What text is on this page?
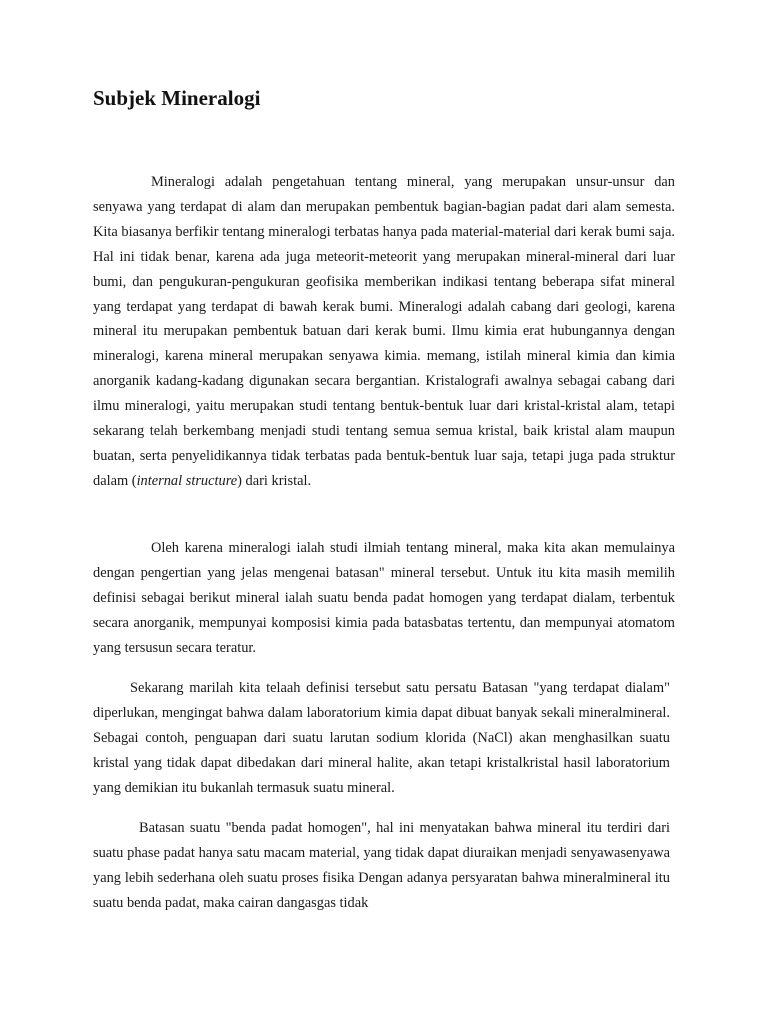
Subjek Mineralogi

Mineralogi adalah pengetahuan tentang mineral, yang merupakan unsur-unsur dan senyawa yang terdapat di alam dan merupakan pembentuk bagian-bagian padat dari alam semesta. Kita biasanya berfikir tentang mineralogi terbatas hanya pada material-material dari kerak bumi saja. Hal ini tidak benar, karena ada juga meteorit-meteorit yang merupakan mineral-mineral dari luar bumi, dan pengukuran-pengukuran geofisika memberikan indikasi tentang beberapa sifat mineral yang terdapat yang terdapat di bawah kerak bumi. Mineralogi adalah cabang dari geologi, karena mineral itu merupakan pembentuk batuan dari kerak bumi. Ilmu kimia erat hubungannya dengan mineralogi, karena mineral merupakan senyawa kimia. memang, istilah mineral kimia dan kimia anorganik kadang-kadang digunakan secara bergantian. Kristalografi awalnya sebagai cabang dari ilmu mineralogi, yaitu merupakan studi tentang bentuk-bentuk luar dari kristal-kristal alam, tetapi sekarang telah berkembang menjadi studi tentang semua semua kristal, baik kristal alam maupun buatan, serta penyelidikannya tidak terbatas pada bentuk-bentuk luar saja, tetapi juga pada struktur dalam (internal structure) dari kristal.

Oleh karena mineralogi ialah studi ilmiah tentang mineral, maka kita akan memulainya dengan pengertian yang jelas mengenai batasan" mineral tersebut. Untuk itu kita masih memilih definisi sebagai berikut mineral ialah suatu benda padat homogen yang terdapat dialam, terbentuk secara anorganik, mempunyai komposisi kimia pada batasbatas tertentu, dan mempunyai atomatom yang tersusun secara teratur.

Sekarang marilah kita telaah definisi tersebut satu persatu Batasan "yang terdapat dialam" diperlukan, mengingat bahwa dalam laboratorium kimia dapat dibuat banyak sekali mineralmineral. Sebagai contoh, penguapan dari suatu larutan sodium klorida (NaCl) akan menghasilkan suatu kristal yang tidak dapat dibedakan dari mineral halite, akan tetapi kristalkristal hasil laboratorium yang demikian itu bukanlah termasuk suatu mineral.

Batasan suatu "benda padat homogen", hal ini menyatakan bahwa mineral itu terdiri dari suatu phase padat hanya satu macam material, yang tidak dapat diuraikan menjadi senyawasenyawa yang lebih sederhana oleh suatu proses fisika Dengan adanya persyaratan bahwa mineralmineral itu suatu benda padat, maka cairan dangasgas tidak
